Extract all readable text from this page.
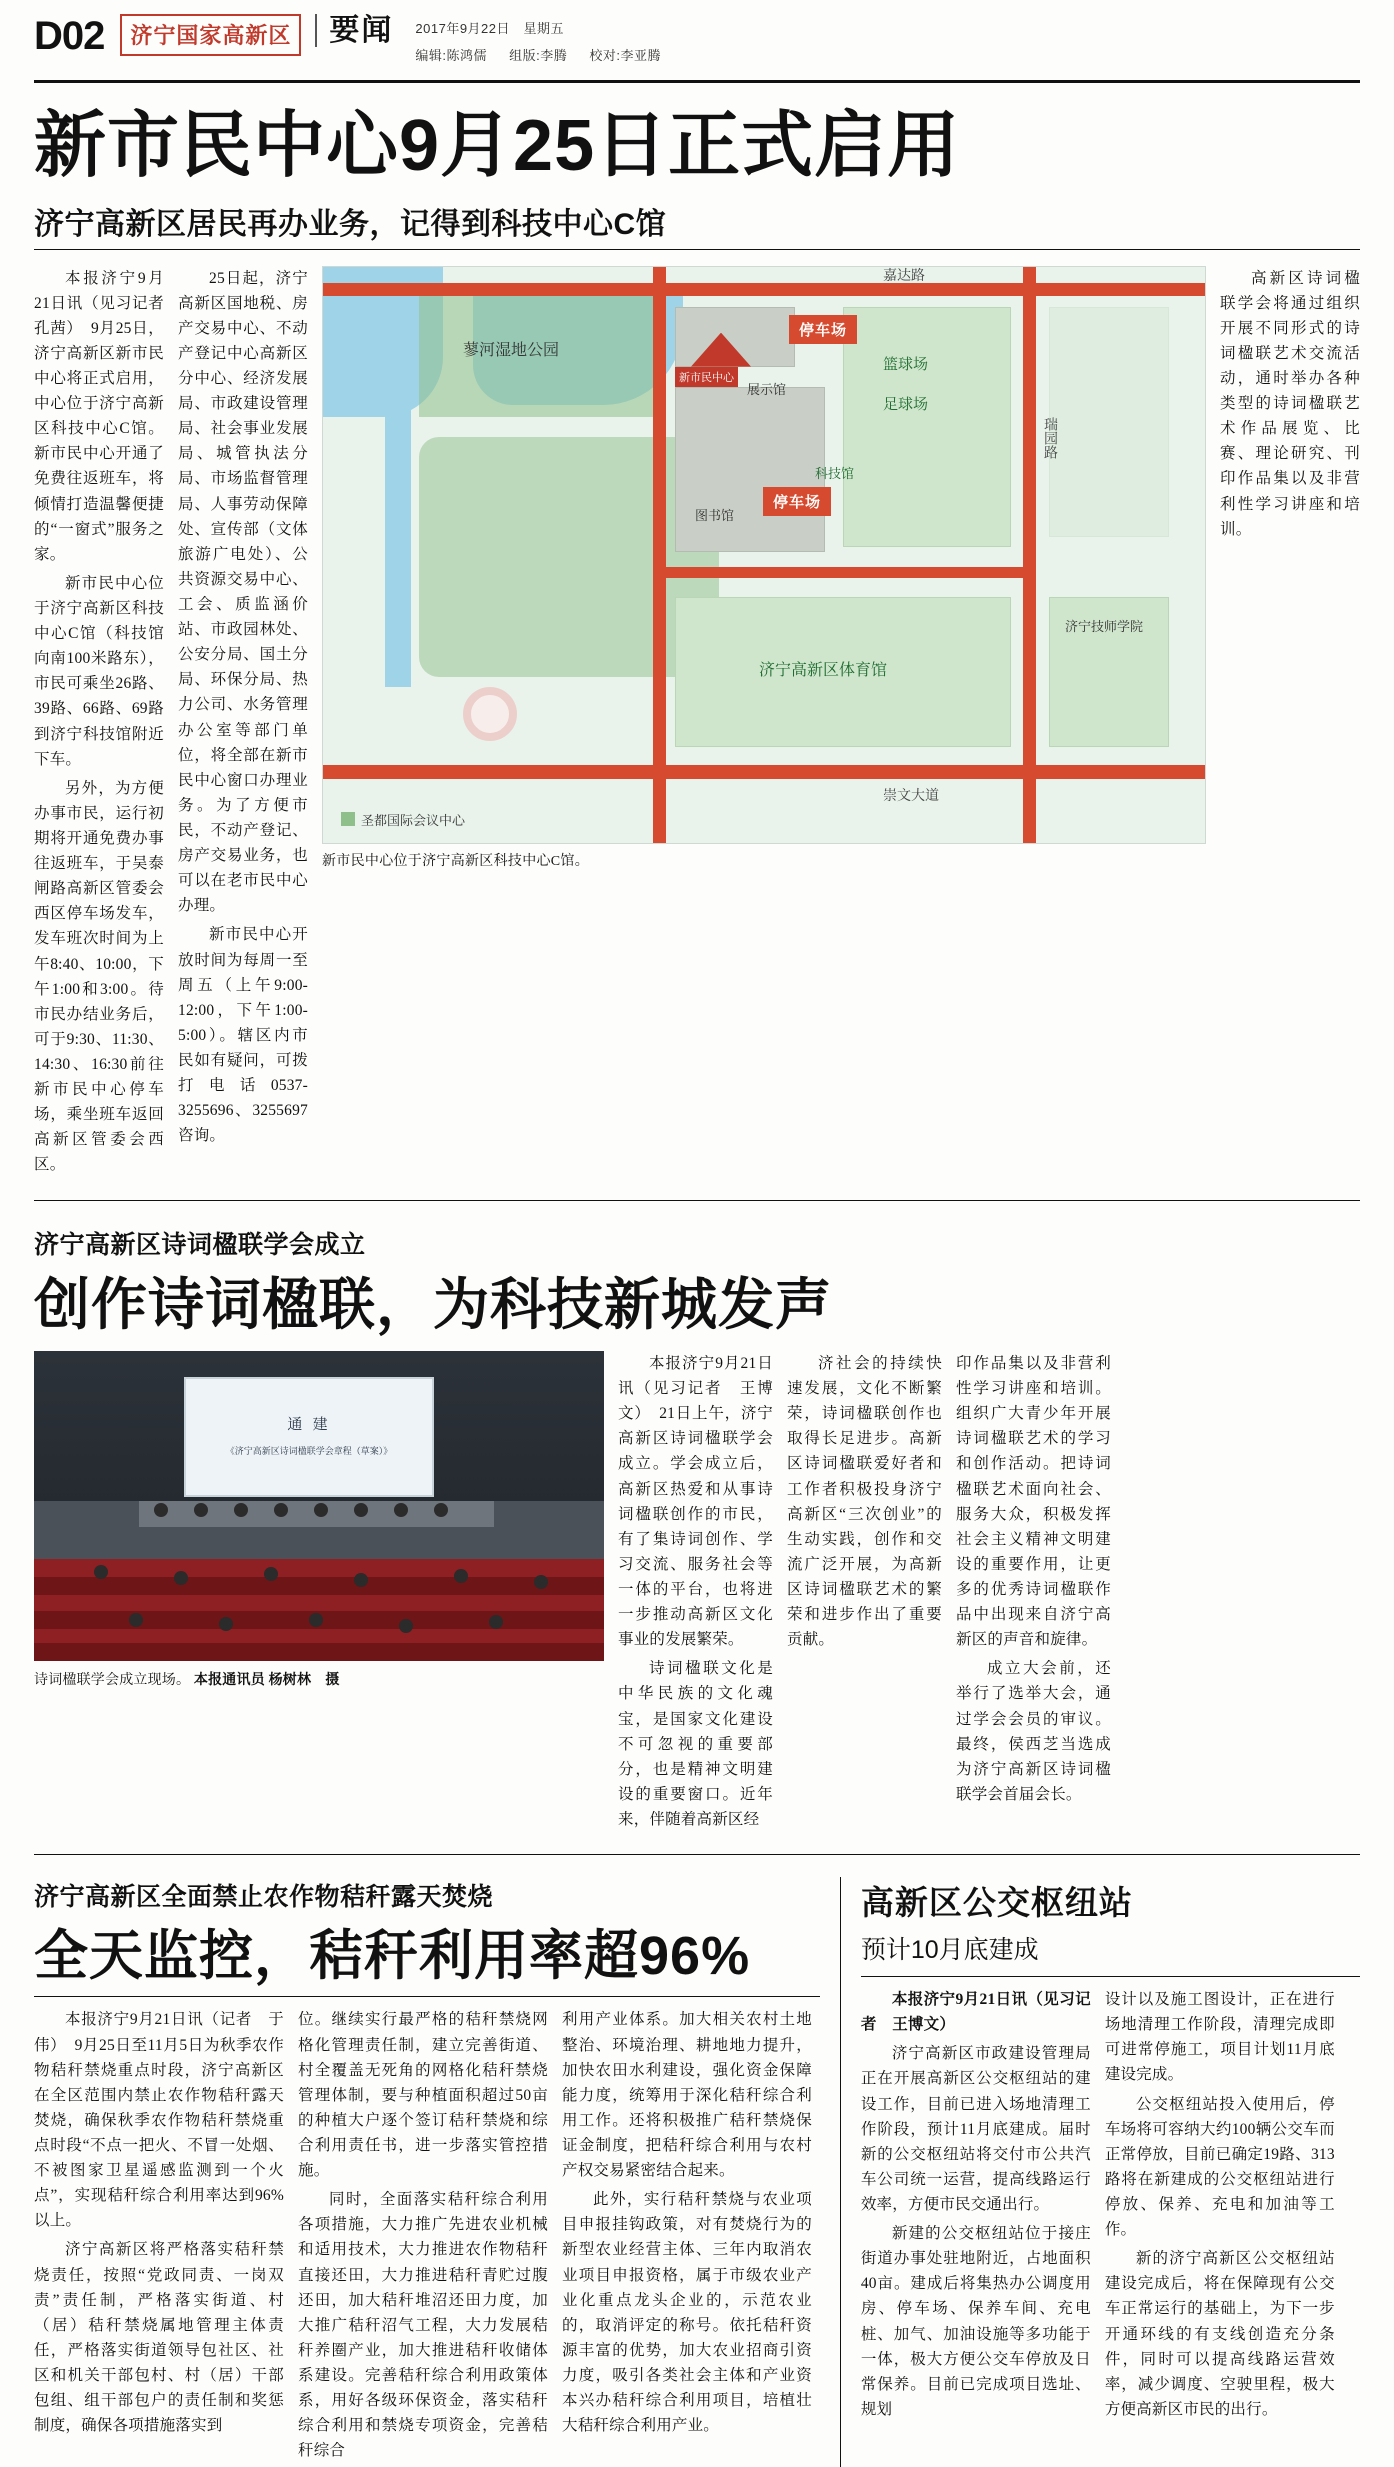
D02	济宁国家高新区	要闻 2017年9月22日　星期五
编辑:陈鸿儒 组版:李腾 校对:李亚腾
新市民中心9月25日正式启用
济宁高新区居民再办业务，记得到科技中心C馆

本报济宁9月21日讯（见习记者　孔茜）　9月25日，济宁高新区新市民中心将正式启用，中心位于济宁高新区科技中心C馆。新市民中心开通了免费往返班车，将倾情打造温馨便捷的“一窗式”服务之家。

新市民中心位于济宁高新区科技中心C馆（科技馆向南100米路东），市民可乘坐26路、39路、66路、69路到济宁科技馆附近下车。

另外，为方便办事市民，运行初期将开通免费办事往返班车，于吴泰闸路高新区管委会西区停车场发车，发车班次时间为上午8:40、10:00，下午1:00和3:00。待市民办结业务后，可于9:30、11:30、14:30、16:30前往新市民中心停车场，乘坐班车返回高新区管委会西区。

25日起，济宁高新区国地税、房产交易中心、不动产登记中心高新区分中心、经济发展局、市政建设管理局、社会事业发展局、城管执法分局、市场监督管理局、人事劳动保障处、宣传部（文体旅游广电处）、公共资源交易中心、工会、质监涵价站、市政园林处、公安分局、国土分局、环保分局、热力公司、水务管理办公室等部门单位，将全部在新市民中心窗口办理业务。为了方便市民，不动产登记、房产交易业务，也可以在老市民中心办理。

新市民中心开放时间为每周一至周五（上午9:00-12:00，下午1:00-5:00）。辖区内市民如有疑问，可拨打电话0537-3255696、3255697咨询。

新市民中心
展示馆
停车场
停车场
篮球场
足球场
图书馆
科技馆
济宁高新区体育馆
济宁技师学院
蓼河湿地公园
嘉达路
瑞园路
崇文大道
圣都国际会议中心
新市民中心位于济宁高新区科技中心C馆。

高新区诗词楹联学会将通过组织开展不同形式的诗词楹联艺术交流活动，通时举办各种类型的诗词楹联艺术作品展览、比赛、理论研究、刊印作品集以及非营利性学习讲座和培训。

济宁高新区诗词楹联学会成立
创作诗词楹联，为科技新城发声
通 建
《济宁高新区诗词楹联学会章程（草案）》
诗词楹联学会成立现场。 本报通讯员 杨树林　摄

本报济宁9月21日讯（见习记者　王博文）　21日上午，济宁高新区诗词楹联学会成立。学会成立后，高新区热爱和从事诗词楹联创作的市民，有了集诗词创作、学习交流、服务社会等一体的平台，也将进一步推动高新区文化事业的发展繁荣。

诗词楹联文化是中华民族的文化魂宝，是国家文化建设不可忽视的重要部分，也是精神文明建设的重要窗口。近年来，伴随着高新区经

济社会的持续快速发展，文化不断繁荣，诗词楹联创作也取得长足进步。高新区诗词楹联爱好者和工作者积极投身济宁高新区“三次创业”的生动实践，创作和交流广泛开展，为高新区诗词楹联艺术的繁荣和进步作出了重要贡献。

印作品集以及非营利性学习讲座和培训。组织广大青少年开展诗词楹联艺术的学习和创作活动。把诗词楹联艺术面向社会、服务大众，积极发挥社会主义精神文明建设的重要作用，让更多的优秀诗词楹联作品中出现来自济宁高新区的声音和旋律。

成立大会前，还举行了选举大会，通过学会会员的审议。最终，侯西芝当选成为济宁高新区诗词楹联学会首届会长。

济宁高新区全面禁止农作物秸秆露天焚烧
全天监控，秸秆利用率超96%

本报济宁9月21日讯（记者　于伟）　9月25日至11月5日为秋季农作物秸秆禁烧重点时段，济宁高新区在全区范围内禁止农作物秸秆露天焚烧，确保秋季农作物秸秆禁烧重点时段“不点一把火、不冒一处烟、不被图家卫星遥感监测到一个火点”，实现秸秆综合利用率达到96%以上。

济宁高新区将严格落实秸秆禁烧责任，按照“党政同责、一岗双责”责任制，严格落实街道、村（居）秸秆禁烧属地管理主体责任，严格落实街道领导包社区、社区和机关干部包村、村（居）干部包组、组干部包户的责任制和奖惩制度，确保各项措施落实到

位。继续实行最严格的秸秆禁烧网格化管理责任制，建立完善街道、村全覆盖无死角的网格化秸秆禁烧管理体制，要与种植面积超过50亩的种植大户逐个签订秸秆禁烧和综合利用责任书，进一步落实管控措施。

同时，全面落实秸秆综合利用各项措施，大力推广先进农业机械和适用技术，大力推进农作物秸秆直接还田，大力推进秸秆青贮过腹还田，加大秸秆堆沼还田力度，加大推广秸秆沼气工程，大力发展秸秆养圈产业，加大推进秸秆收储体系建设。完善秸秆综合利用政策体系，用好各级环保资金，落实秸秆综合利用和禁烧专项资金，完善秸秆综合

利用产业体系。加大相关农村土地整治、环境治理、耕地地力提升，加快农田水利建设，强化资金保障能力度，统筹用于深化秸秆综合利用工作。还将积极推广秸秆禁烧保证金制度，把秸秆综合利用与农村产权交易紧密结合起来。

此外，实行秸秆禁烧与农业项目申报挂钩政策，对有焚烧行为的新型农业经营主体、三年内取消农业项目申报资格，属于市级农业产业化重点龙头企业的，示范农业的，取消评定的称号。依托秸秆资源丰富的优势，加大农业招商引资力度，吸引各类社会主体和产业资本兴办秸秆综合利用项目，培植壮大秸秆综合利用产业。

高新区公交枢纽站
预计10月底建成

本报济宁9月21日讯（见习记者　王博文）

济宁高新区市政建设管理局正在开展高新区公交枢纽站的建设工作，目前已进入场地清理工作阶段，预计11月底建成。届时新的公交枢纽站将交付市公共汽车公司统一运营，提高线路运行效率，方便市民交通出行。

新建的公交枢纽站位于接庄街道办事处驻地附近，占地面积40亩。建成后将集热办公调度用房、停车场、保养车间、充电桩、加气、加油设施等多功能于一体，极大方便公交车停放及日常保养。目前已完成项目选址、规划

设计以及施工图设计，正在进行场地清理工作阶段，清理完成即可进常停施工，项目计划11月底建设完成。

公交枢纽站投入使用后，停车场将可容纳大约100辆公交车而正常停放，目前已确定19路、313路将在新建成的公交枢纽站进行停放、保养、充电和加油等工作。

新的济宁高新区公交枢纽站建设完成后，将在保障现有公交车正常运行的基础上，为下一步开通环线的有支线创造充分条件，同时可以提高线路运营效率，减少调度、空驶里程，极大方便高新区市民的出行。
